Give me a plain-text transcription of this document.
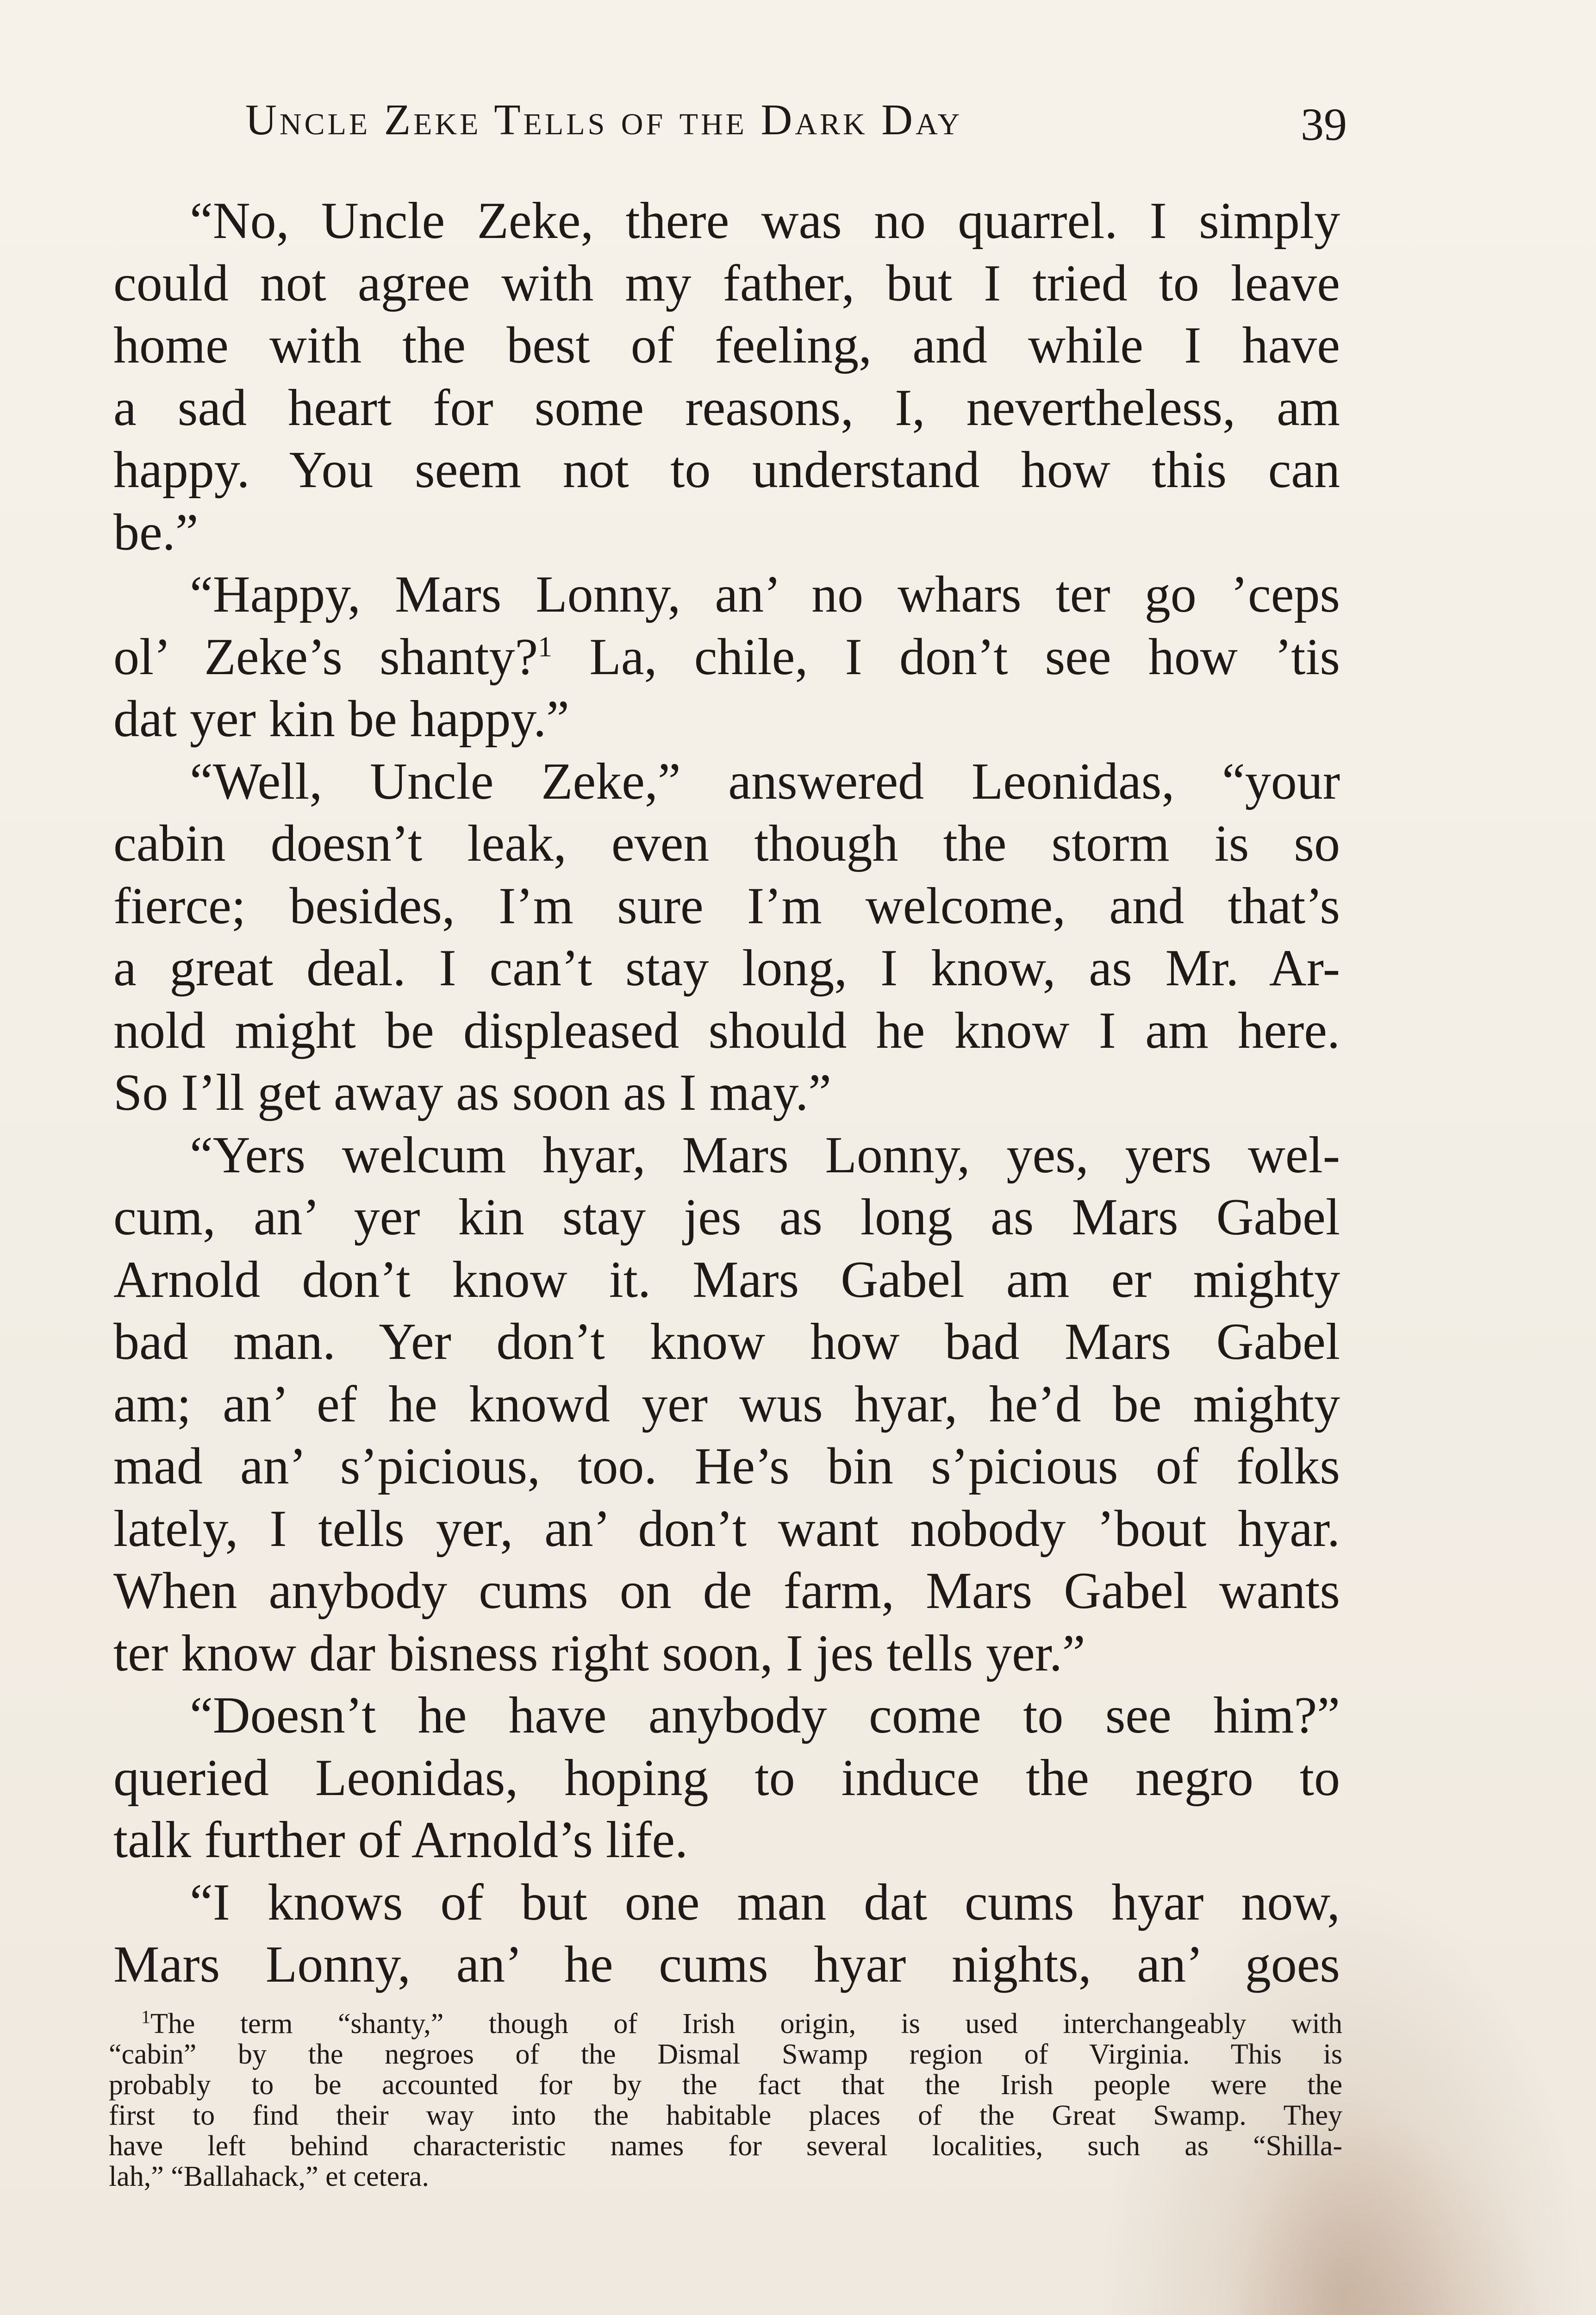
Uncle Zeke Tells of the Dark Day	39
“No, Uncle Zeke, there was no quarrel. I simply
could not agree with my father, but I tried to leave
home with the best of feeling, and while I have
a sad heart for some reasons, I, nevertheless, am
happy. You seem not to understand how this can
be.”
“Happy, Mars Lonny, an’ no whars ter go ’ceps
ol’ Zeke’s shanty?$^1$ La, chile, I don’t see how ’tis
dat yer kin be happy.”
“Well, Uncle Zeke,” answered Leonidas, “your
cabin doesn’t leak, even though the storm is so
fierce; besides, I’m sure I’m welcome, and that’s
a great deal. I can’t stay long, I know, as Mr. Ar-
nold might be displeased should he know I am here.
So I’ll get away as soon as I may.”
“Yers welcum hyar, Mars Lonny, yes, yers wel-
cum, an’ yer kin stay jes as long as Mars Gabel
Arnold don’t know it. Mars Gabel am er mighty
bad man. Yer don’t know how bad Mars Gabel
am; an’ ef he knowd yer wus hyar, he’d be mighty
mad an’ s’picious, too. He’s bin s’picious of folks
lately, I tells yer, an’ don’t want nobody ’bout hyar.
When anybody cums on de farm, Mars Gabel wants
ter know dar bisness right soon, I jes tells yer.”
“Doesn’t he have anybody come to see him?”
queried Leonidas, hoping to induce the negro to
talk further of Arnold’s life.
“I knows of but one man dat cums hyar now,
Mars Lonny, an’ he cums hyar nights, an’ goes
$^1$The term “shanty,” though of Irish origin, is used interchangeably with
“cabin” by the negroes of the Dismal Swamp region of Virginia. This is
probably to be accounted for by the fact that the Irish people were the
first to find their way into the habitable places of the Great Swamp. They
have left behind characteristic names for several localities, such as “Shilla-
lah,” “Ballahack,” et cetera.
